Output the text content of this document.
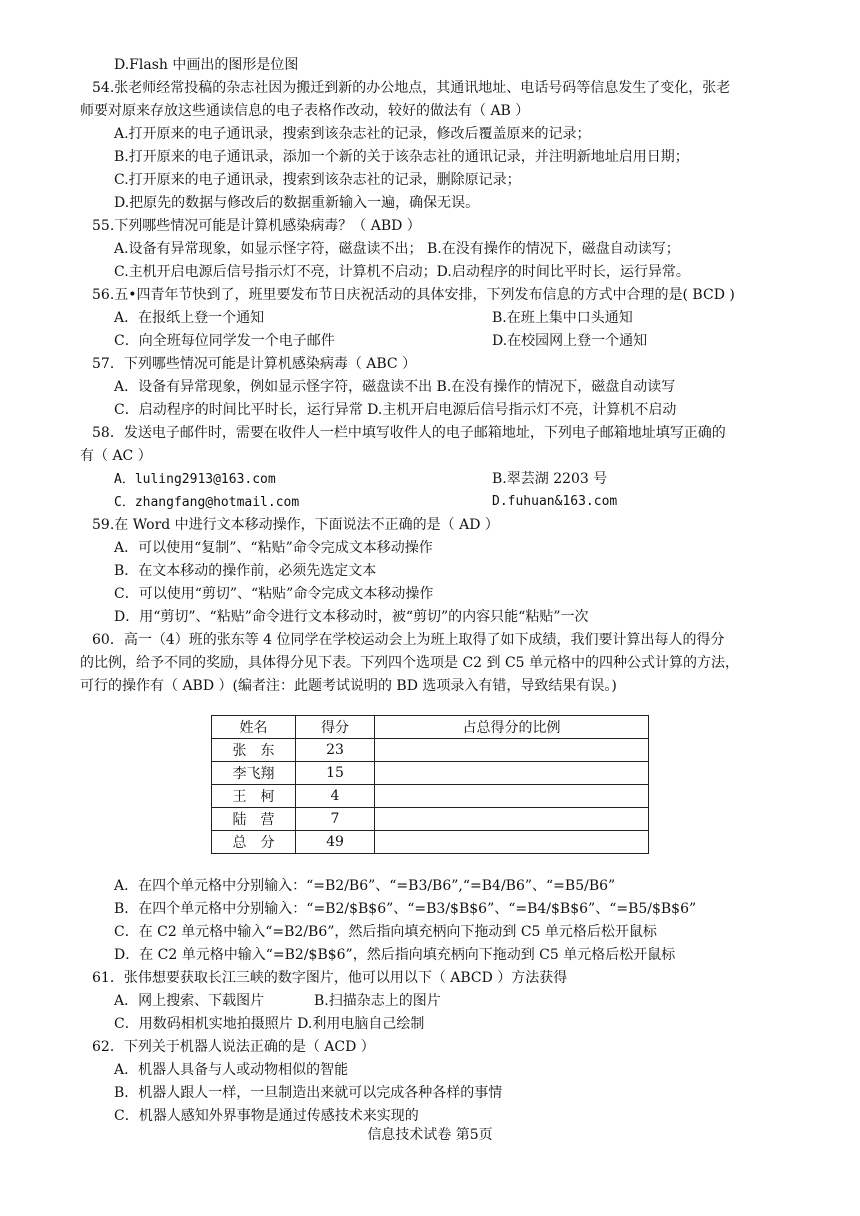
D.Flash 中画出的图形是位图
54.张老师经常投稿的杂志社因为搬迁到新的办公地点，其通讯地址、电话号码等信息发生了变化，张老
师要对原来存放这些通读信息的电子表格作改动，较好的做法有（ AB ）
A.打开原来的电子通讯录，搜索到该杂志社的记录，修改后覆盖原来的记录；
B.打开原来的电子通讯录，添加一个新的关于该杂志社的通讯记录，并注明新地址启用日期；
C.打开原来的电子通讯录，搜索到该杂志社的记录，删除原记录；
D.把原先的数据与修改后的数据重新输入一遍，确保无误。
55.下列哪些情况可能是计算机感染病毒？（ ABD ）
A.设备有异常现象，如显示怪字符，磁盘读不出； B.在没有操作的情况下，磁盘自动读写；
C.主机开启电源后信号指示灯不亮，计算机不启动；D.启动程序的时间比平时长，运行异常。
56.五•四青年节快到了，班里要发布节日庆祝活动的具体安排，下列发布信息的方式中合理的是( BCD )
A．在报纸上登一个通知	B.在班上集中口头通知
C．向全班每位同学发一个电子邮件	D.在校园网上登一个通知
57．下列哪些情况可能是计算机感染病毒（ ABC ）
A．设备有异常现象，例如显示怪字符，磁盘读不出 B.在没有操作的情况下，磁盘自动读写
C．启动程序的时间比平时长，运行异常 D.主机开启电源后信号指示灯不亮，计算机不启动
58．发送电子邮件时，需要在收件人一栏中填写收件人的电子邮箱地址，下列电子邮箱地址填写正确的
有（ AC ）
A．luling2913@163.com	B.翠芸湖 2203 号
C．zhangfang@hotmail.com	D.fuhuan&163.com
59.在 Word 中进行文本移动操作，下面说法不正确的是（ AD ）
A．可以使用“复制”、“粘贴”命令完成文本移动操作
B．在文本移动的操作前，必须先选定文本
C．可以使用“剪切”、“粘贴”命令完成文本移动操作
D．用“剪切”、“粘贴”命令进行文本移动时，被“剪切”的内容只能“粘贴”一次
60．高一（4）班的张东等 4 位同学在学校运动会上为班上取得了如下成绩，我们要计算出每人的得分
的比例，给予不同的奖励，具体得分见下表。下列四个选项是 C2 到 C5 单元格中的四种公式计算的方法，
可行的操作有（ ABD ）(编者注：此题考试说明的 BD 选项录入有错，导致结果有误。)
姓名	得分	占总得分的比例
张　东	23	
李飞翔	15	
王　柯	4	
陆　营	7	
总　分	49	
A．在四个单元格中分别输入：“=B2/B6”、“=B3/B6”,“=B4/B6”、“=B5/B6”
B．在四个单元格中分别输入：“=B2/$B$6”、“=B3/$B$6”、“=B4/$B$6”、“=B5/$B$6”
C．在 C2 单元格中输入“=B2/B6”，然后指向填充柄向下拖动到 C5 单元格后松开鼠标
D．在 C2 单元格中输入“=B2/$B$6”，然后指向填充柄向下拖动到 C5 单元格后松开鼠标
61．张伟想要获取长江三峡的数字图片，他可以用以下（ ABCD ）方法获得
A．网上搜索、下载图片	B.扫描杂志上的图片
C．用数码相机实地拍摄照片 D.利用电脑自己绘制
62．下列关于机器人说法正确的是（ ACD ）
A．机器人具备与人或动物相似的智能
B．机器人跟人一样，一旦制造出来就可以完成各种各样的事情
C．机器人感知外界事物是通过传感技术来实现的
信息技术试卷 第5页
